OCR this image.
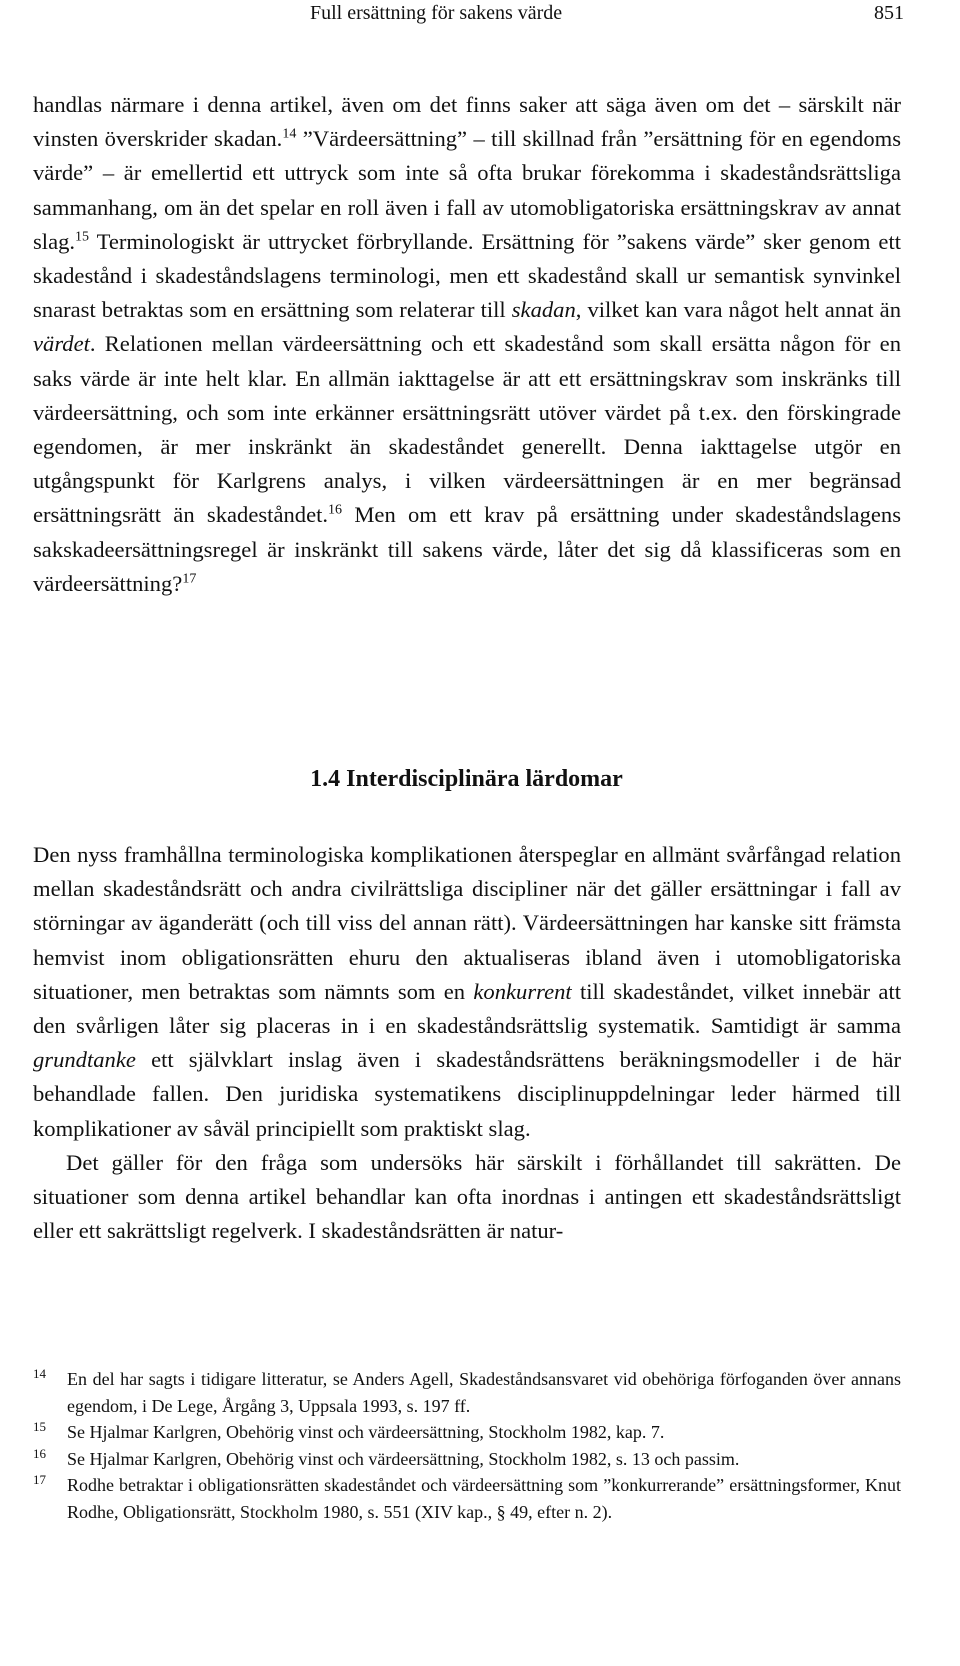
Full ersättning för sakens värde	851

handlas närmare i denna artikel, även om det finns saker att säga även om det – särskilt när vinsten överskrider skadan.$^{14}$ ”Värdeersättning” – till skillnad från ”ersättning för en egendoms värde” – är emellertid ett uttryck som inte så ofta brukar förekomma i skadeståndsrättsliga sammanhang, om än det spelar en roll även i fall av utomobligatoriska ersättningskrav av annat slag.$^{15}$ Terminologiskt är uttrycket förbryllande. Ersättning för ”sakens värde” sker genom ett skadestånd i skadeståndslagens terminologi, men ett skadestånd skall ur semantisk synvinkel snarast betraktas som en ersättning som relaterar till skadan, vilket kan vara något helt annat än värdet. Relationen mellan värdeersättning och ett skadestånd som skall ersätta någon för en saks värde är inte helt klar. En allmän iakttagelse är att ett ersättningskrav som inskränks till värdeersättning, och som inte erkänner ersättningsrätt utöver värdet på t.ex. den förskingrade egendomen, är mer inskränkt än skadeståndet generellt. Denna iakttagelse utgör en utgångspunkt för Karlgrens analys, i vilken värdeersättningen är en mer begränsad ersättningsrätt än skadeståndet.$^{16}$ Men om ett krav på ersättning under skadeståndslagens sakskadeersättningsregel är inskränkt till sakens värde, låter det sig då klassificeras som en värdeersättning?$^{17}$

1.4 Interdisciplinära lärdomar

Den nyss framhållna terminologiska komplikationen återspeglar en allmänt svårfångad relation mellan skadeståndsrätt och andra civilrättsliga discipliner när det gäller ersättningar i fall av störningar av äganderätt (och till viss del annan rätt). Värdeersättningen har kanske sitt främsta hemvist inom obligationsrätten ehuru den aktualiseras ibland även i utomobligatoriska situationer, men betraktas som nämnts som en konkurrent till skadeståndet, vilket innebär att den svårligen låter sig placeras in i en skadeståndsrättslig systematik. Samtidigt är samma grundtanke ett självklart inslag även i skadeståndsrättens beräkningsmodeller i de här behandlade fallen. Den juridiska systematikens disciplinuppdelningar leder härmed till komplikationer av såväl principiellt som praktiskt slag.

Det gäller för den fråga som undersöks här särskilt i förhållandet till sakrätten. De situationer som denna artikel behandlar kan ofta inordnas i antingen ett skadeståndsrättsligt eller ett sakrättsligt regelverk. I skadeståndsrätten är natur-

14 En del har sagts i tidigare litteratur, se Anders Agell, Skadeståndsansvaret vid obehöriga förfoganden över annans egendom, i De Lege, Årgång 3, Uppsala 1993, s. 197 ff.
15 Se Hjalmar Karlgren, Obehörig vinst och värdeersättning, Stockholm 1982, kap. 7.
16 Se Hjalmar Karlgren, Obehörig vinst och värdeersättning, Stockholm 1982, s. 13 och passim.
17 Rodhe betraktar i obligationsrätten skadeståndet och värdeersättning som ”konkurrerande” ersättningsformer, Knut Rodhe, Obligationsrätt, Stockholm 1980, s. 551 (XIV kap., § 49, efter n. 2).
